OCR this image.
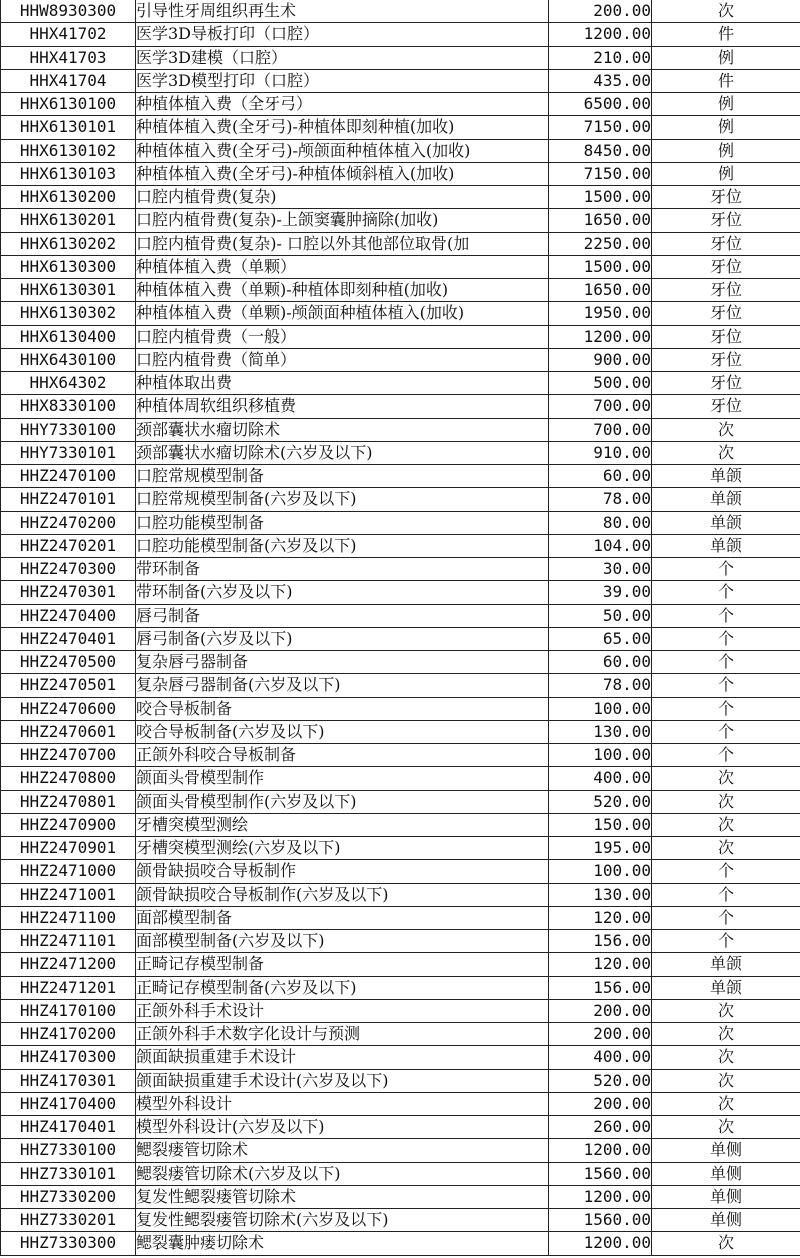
HHW8930300	引导性牙周组织再生术	200.00	次
HHX41702	医学3D导板打印（口腔）	1200.00	件
HHX41703	医学3D建模（口腔）	210.00	例
HHX41704	医学3D模型打印（口腔）	435.00	件
HHX6130100	种植体植入费（全牙弓）	6500.00	例
HHX6130101	种植体植入费(全牙弓)-种植体即刻种植(加收)	7150.00	例
HHX6130102	种植体植入费(全牙弓)-颅颌面种植体植入(加收)	8450.00	例
HHX6130103	种植体植入费(全牙弓)-种植体倾斜植入(加收)	7150.00	例
HHX6130200	口腔内植骨费(复杂)	1500.00	牙位
HHX6130201	口腔内植骨费(复杂)-上颌窦囊肿摘除(加收)	1650.00	牙位
HHX6130202	口腔内植骨费(复杂)- 口腔以外其他部位取骨(加	2250.00	牙位
HHX6130300	种植体植入费（单颗）	1500.00	牙位
HHX6130301	种植体植入费（单颗)-种植体即刻种植(加收)	1650.00	牙位
HHX6130302	种植体植入费（单颗)-颅颌面种植体植入(加收)	1950.00	牙位
HHX6130400	口腔内植骨费（一般）	1200.00	牙位
HHX6430100	口腔内植骨费（简单）	900.00	牙位
HHX64302	种植体取出费	500.00	牙位
HHX8330100	种植体周软组织移植费	700.00	牙位
HHY7330100	颈部囊状水瘤切除术	700.00	次
HHY7330101	颈部囊状水瘤切除术(六岁及以下)	910.00	次
HHZ2470100	口腔常规模型制备	60.00	单颌
HHZ2470101	口腔常规模型制备(六岁及以下)	78.00	单颌
HHZ2470200	口腔功能模型制备	80.00	单颌
HHZ2470201	口腔功能模型制备(六岁及以下)	104.00	单颌
HHZ2470300	带环制备	30.00	个
HHZ2470301	带环制备(六岁及以下)	39.00	个
HHZ2470400	唇弓制备	50.00	个
HHZ2470401	唇弓制备(六岁及以下)	65.00	个
HHZ2470500	复杂唇弓器制备	60.00	个
HHZ2470501	复杂唇弓器制备(六岁及以下)	78.00	个
HHZ2470600	咬合导板制备	100.00	个
HHZ2470601	咬合导板制备(六岁及以下)	130.00	个
HHZ2470700	正颌外科咬合导板制备	100.00	个
HHZ2470800	颌面头骨模型制作	400.00	次
HHZ2470801	颌面头骨模型制作(六岁及以下)	520.00	次
HHZ2470900	牙槽突模型测绘	150.00	次
HHZ2470901	牙槽突模型测绘(六岁及以下)	195.00	次
HHZ2471000	颌骨缺损咬合导板制作	100.00	个
HHZ2471001	颌骨缺损咬合导板制作(六岁及以下)	130.00	个
HHZ2471100	面部模型制备	120.00	个
HHZ2471101	面部模型制备(六岁及以下)	156.00	个
HHZ2471200	正畸记存模型制备	120.00	单颌
HHZ2471201	正畸记存模型制备(六岁及以下)	156.00	单颌
HHZ4170100	正颌外科手术设计	200.00	次
HHZ4170200	正颌外科手术数字化设计与预测	200.00	次
HHZ4170300	颌面缺损重建手术设计	400.00	次
HHZ4170301	颌面缺损重建手术设计(六岁及以下)	520.00	次
HHZ4170400	模型外科设计	200.00	次
HHZ4170401	模型外科设计(六岁及以下)	260.00	次
HHZ7330100	鳃裂瘘管切除术	1200.00	单侧
HHZ7330101	鳃裂瘘管切除术(六岁及以下)	1560.00	单侧
HHZ7330200	复发性鳃裂瘘管切除术	1200.00	单侧
HHZ7330201	复发性鳃裂瘘管切除术(六岁及以下)	1560.00	单侧
HHZ7330300	鳃裂囊肿瘘切除术	1200.00	次
